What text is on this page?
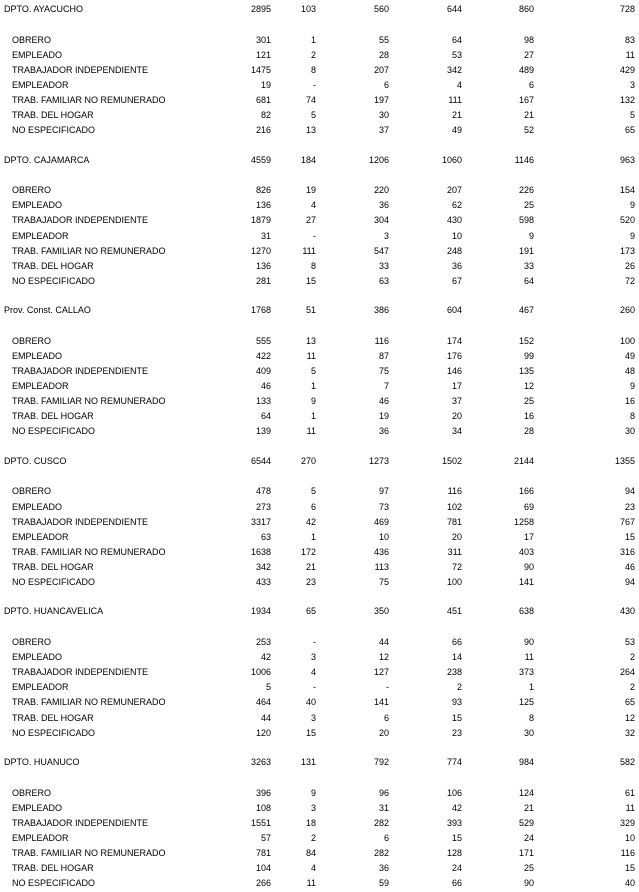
DPTO. AYACUCHO	2895	103	560	644	860	728
OBRERO	301	1	55	64	98	83
EMPLEADO	121	2	28	53	27	11
TRABAJADOR INDEPENDIENTE	1475	8	207	342	489	429
EMPLEADOR	19	-	6	4	6	3
TRAB. FAMILIAR NO REMUNERADO	681	74	197	111	167	132
TRAB. DEL HOGAR	82	5	30	21	21	5
NO ESPECIFICADO	216	13	37	49	52	65
DPTO. CAJAMARCA	4559	184	1206	1060	1146	963
OBRERO	826	19	220	207	226	154
EMPLEADO	136	4	36	62	25	9
TRABAJADOR INDEPENDIENTE	1879	27	304	430	598	520
EMPLEADOR	31	-	3	10	9	9
TRAB. FAMILIAR NO REMUNERADO	1270	111	547	248	191	173
TRAB. DEL HOGAR	136	8	33	36	33	26
NO ESPECIFICADO	281	15	63	67	64	72
Prov. Const. CALLAO	1768	51	386	604	467	260
OBRERO	555	13	116	174	152	100
EMPLEADO	422	11	87	176	99	49
TRABAJADOR INDEPENDIENTE	409	5	75	146	135	48
EMPLEADOR	46	1	7	17	12	9
TRAB. FAMILIAR NO REMUNERADO	133	9	46	37	25	16
TRAB. DEL HOGAR	64	1	19	20	16	8
NO ESPECIFICADO	139	11	36	34	28	30
DPTO. CUSCO	6544	270	1273	1502	2144	1355
OBRERO	478	5	97	116	166	94
EMPLEADO	273	6	73	102	69	23
TRABAJADOR INDEPENDIENTE	3317	42	469	781	1258	767
EMPLEADOR	63	1	10	20	17	15
TRAB. FAMILIAR NO REMUNERADO	1638	172	436	311	403	316
TRAB. DEL HOGAR	342	21	113	72	90	46
NO ESPECIFICADO	433	23	75	100	141	94
DPTO. HUANCAVELICA	1934	65	350	451	638	430
OBRERO	253	-	44	66	90	53
EMPLEADO	42	3	12	14	11	2
TRABAJADOR INDEPENDIENTE	1006	4	127	238	373	264
EMPLEADOR	5	-	-	2	1	2
TRAB. FAMILIAR NO REMUNERADO	464	40	141	93	125	65
TRAB. DEL HOGAR	44	3	6	15	8	12
NO ESPECIFICADO	120	15	20	23	30	32
DPTO. HUANUCO	3263	131	792	774	984	582
OBRERO	396	9	96	106	124	61
EMPLEADO	108	3	31	42	21	11
TRABAJADOR INDEPENDIENTE	1551	18	282	393	529	329
EMPLEADOR	57	2	6	15	24	10
TRAB. FAMILIAR NO REMUNERADO	781	84	282	128	171	116
TRAB. DEL HOGAR	104	4	36	24	25	15
NO ESPECIFICADO	266	11	59	66	90	40
